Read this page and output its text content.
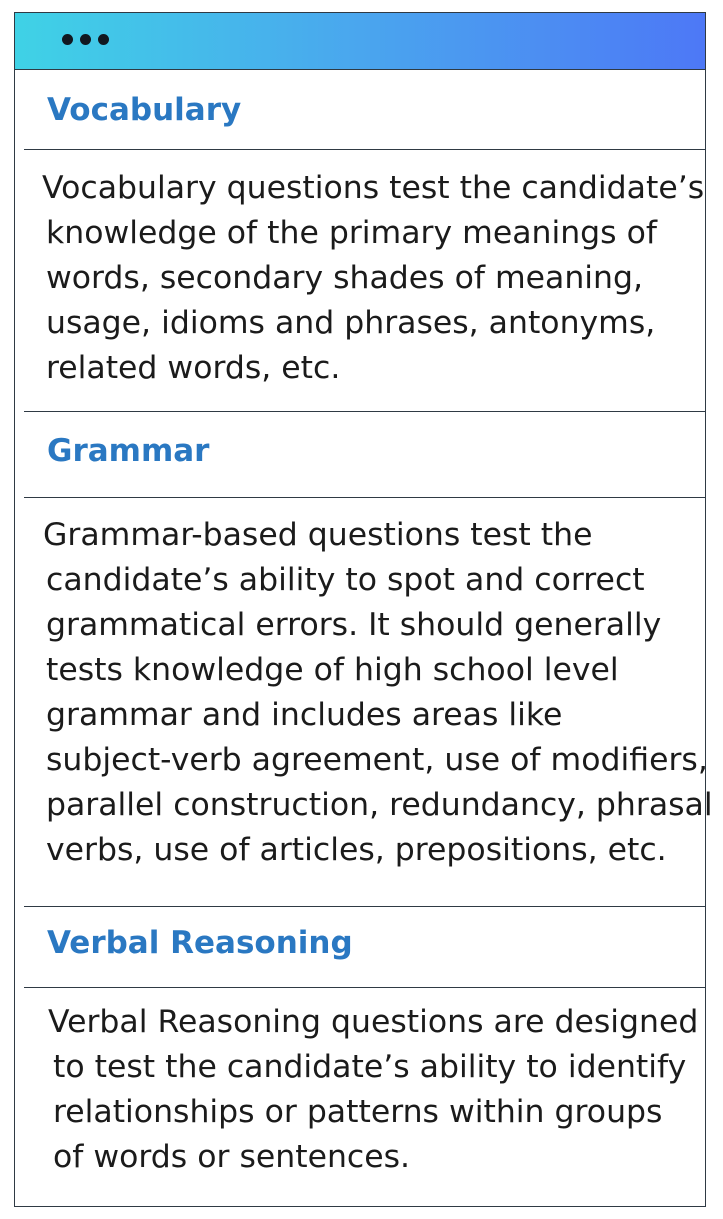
Vocabulary
Vocabulary questions test the candidate’s
knowledge of the primary meanings of
words, secondary shades of meaning,
usage, idioms and phrases, antonyms,
related words, etc.
Grammar
Grammar-based questions test the
candidate’s ability to spot and correct
grammatical errors. It should generally
tests knowledge of high school level
grammar and includes areas like
subject-verb agreement, use of modifiers,
parallel construction, redundancy, phrasal
verbs, use of articles, prepositions, etc.
Verbal Reasoning
Verbal Reasoning questions are designed
to test the candidate’s ability to identify
relationships or patterns within groups
of words or sentences.
